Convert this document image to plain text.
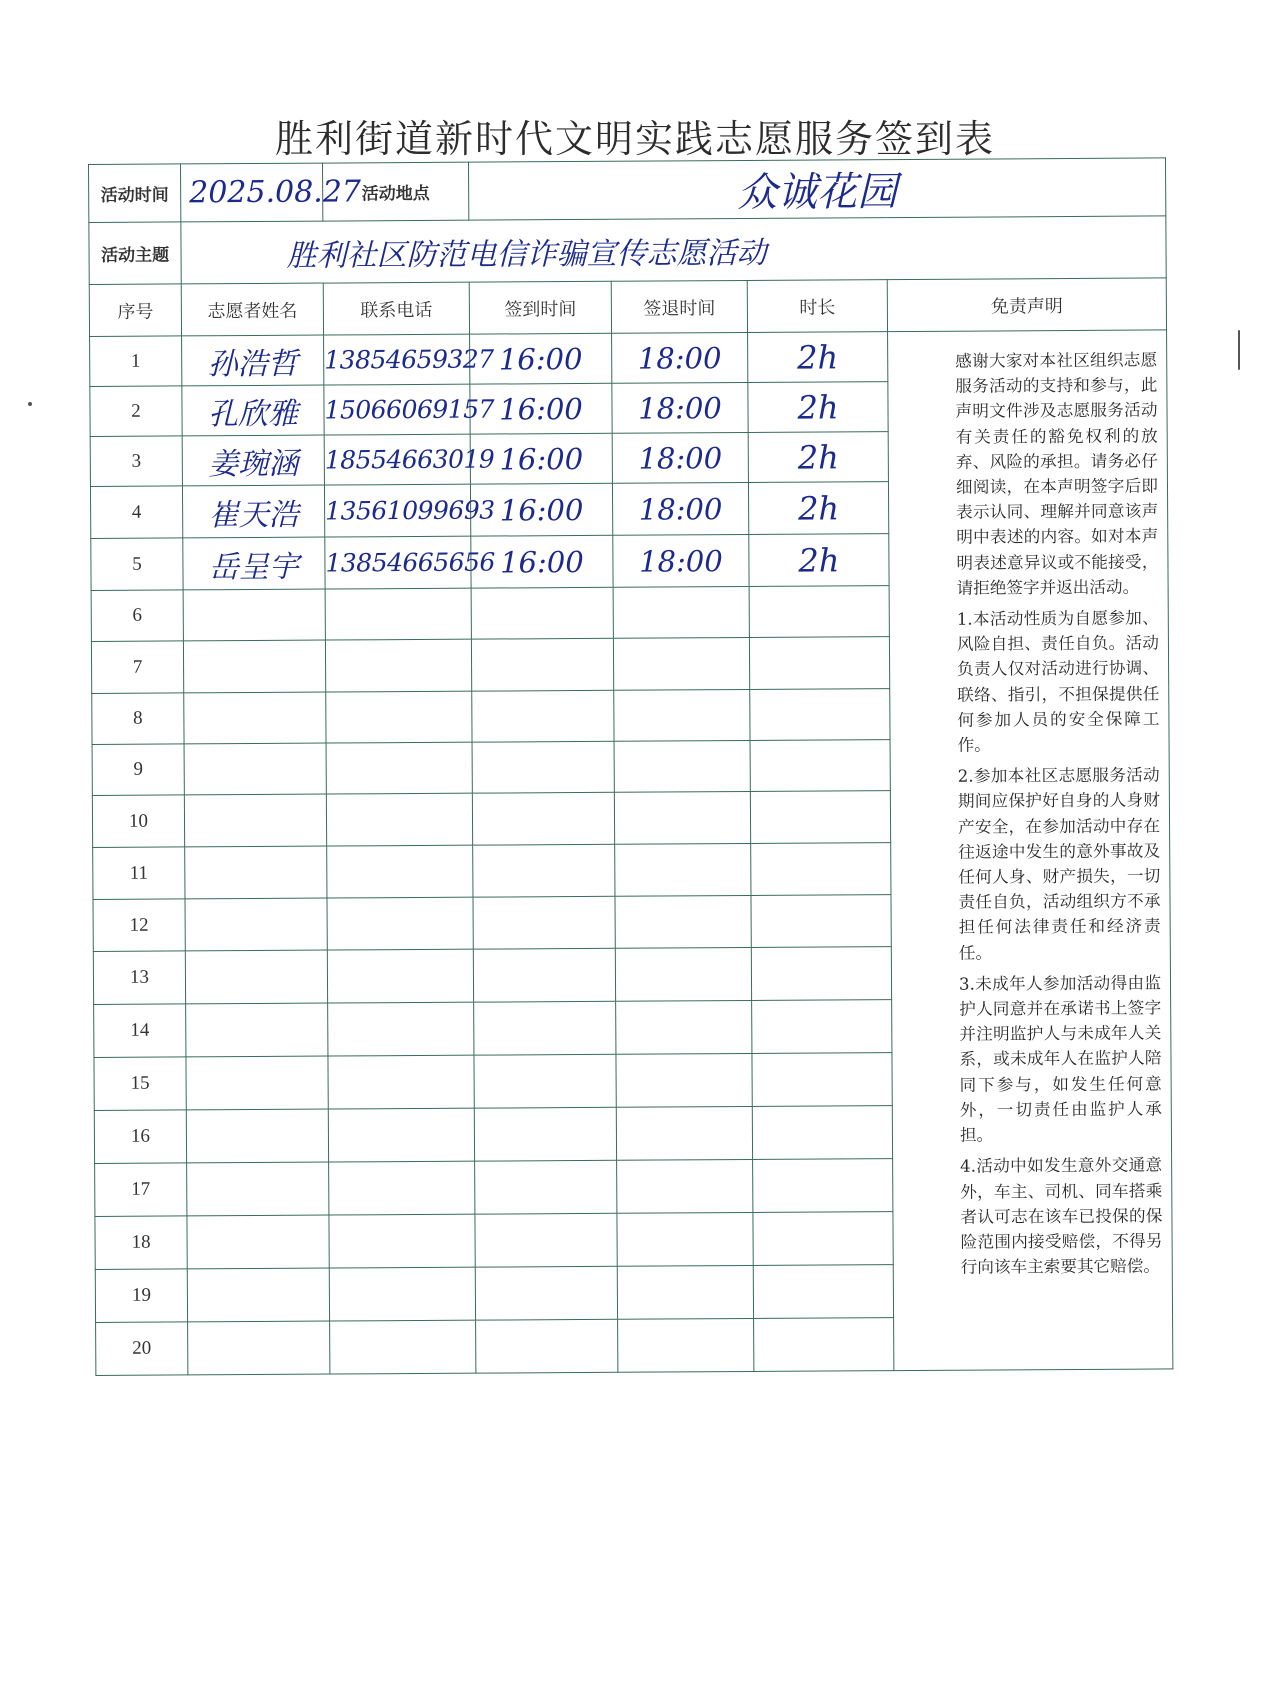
胜利街道新时代文明实践志愿服务签到表
活动时间	2025.08.27	活动地点	众诚花园			
活动主题	胜利社区防范电信诈骗宣传志愿活动					
序号	志愿者姓名	联系电话	签到时间	签退时间	时长	免责声明
1	孙浩哲	13854659327	16:00	18:00	2h	
2	孔欣雅	15066069157	16:00	18:00	2h	
3	姜琬涵	18554663019	16:00	18:00	2h	
4	崔天浩	13561099693	16:00	18:00	2h	
5	岳呈宇	13854665656	16:00	18:00	2h	
6						
7						
8						
9						
10						
11						
12						
13						
14						
15						
16						
17						
18						
19						
20						

感谢大家对本社区组织志愿服务活动的支持和参与，此声明文件涉及志愿服务活动有关责任的豁免权利的放弃、风险的承担。请务必仔细阅读，在本声明签字后即表示认同、理解并同意该声明中表述的内容。如对本声明表述意异议或不能接受，请拒绝签字并返出活动。

1.本活动性质为自愿参加、风险自担、责任自负。活动负责人仅对活动进行协调、联络、指引，不担保提供任何参加人员的安全保障工作。

2.参加本社区志愿服务活动期间应保护好自身的人身财产安全，在参加活动中存在往返途中发生的意外事故及任何人身、财产损失，一切责任自负，活动组织方不承担任何法律责任和经济责任。

3.未成年人参加活动得由监护人同意并在承诺书上签字并注明监护人与未成年人关系，或未成年人在监护人陪同下参与，如发生任何意外，一切责任由监护人承担。

4.活动中如发生意外交通意外，车主、司机、同车搭乘者认可志在该车已投保的保险范围内接受赔偿，不得另行向该车主索要其它赔偿。
